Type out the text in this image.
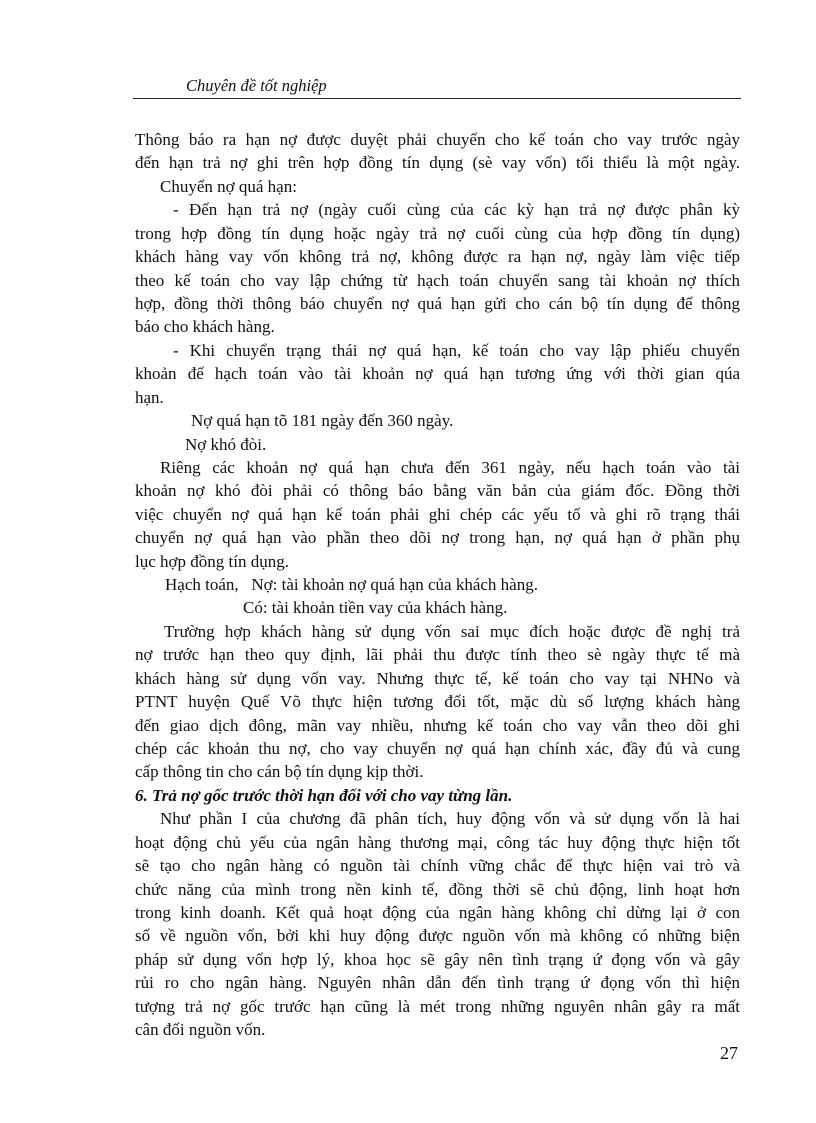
Chuyên đề tốt nghiệp
Thông báo ra hạn nợ được duyệt phải chuyển cho kế toán cho vay trước ngày
đến hạn trả nợ ghi trên hợp đồng tín dụng (sè vay vốn) tối thiểu là một ngày.
Chuyển nợ quá hạn:
- Đến hạn trả nợ (ngày cuối cùng của các kỳ hạn trả nợ được phân kỳ
trong hợp đồng tín dụng hoặc ngày trả nợ cuối cùng của hợp đồng tín dụng)
khách hàng vay vốn không trả nợ, không được ra hạn nợ, ngày làm việc tiếp
theo kế toán cho vay lập chứng từ hạch toán chuyển sang tài khoản nợ thích
hợp, đồng thời thông báo chuyển nợ quá hạn gửi cho cán bộ tín dụng để thông
báo cho khách hàng.
- Khi chuyển trạng thái nợ quá hạn, kế toán cho vay lập phiếu chuyển
khoản để hạch toán vào tài khoản nợ quá hạn tương ứng với thời gian qúa
hạn.
Nợ quá hạn tõ 181 ngày đến 360 ngày.
Nợ khó đòi.
Riêng các khoản nợ quá hạn chưa đến 361 ngày, nếu hạch toán vào tài
khoản nợ khó đòi phải có thông báo bằng văn bản của giám đốc. Đồng thời
việc chuyển nợ quá hạn kế toán phải ghi chép các yếu tố và ghi rõ trạng thái
chuyển nợ quá hạn vào phần theo dõi nợ trong hạn, nợ quá hạn ở phần phụ
lục hợp đồng tín dụng.
Hạch toán,   Nợ: tài khoản nợ quá hạn của khách hàng.
Có: tài khoản tiền vay của khách hàng.
Trường hợp khách hàng sử dụng vốn sai mục đích hoặc được đề nghị trả
nợ trước hạn theo quy định, lãi phải thu được tính theo sè ngày thực tế mà
khách hàng sử dụng vốn vay. Nhưng thực tế, kế toán cho vay tại NHNo và
PTNT huyện Quế Võ thực hiện tương đối tốt, mặc dù số lượng khách hàng
đến giao dịch đông, mãn vay nhiều, nhưng kế toán cho vay vẫn theo dõi ghi
chép các khoản thu nợ, cho vay chuyển nợ quá hạn chính xác, đầy đủ và cung
cấp thông tin cho cán bộ tín dụng kịp thời.
6. Trả nợ gốc trước thời hạn đối với cho vay từng lần.
Như phần I của chương đã phân tích, huy động vốn và sử dụng vốn là hai
hoạt động chủ yếu của ngân hàng thương mại, công tác huy động thực hiện tốt
sẽ tạo cho ngân hàng có nguồn tài chính vững chắc để thực hiện vai trò và
chức năng của mình trong nền kinh tế, đồng thời sẽ chủ động, linh hoạt hơn
trong kinh doanh. Kết quả hoạt động của ngân hàng không chỉ dừng lại ở con
số về nguồn vốn, bởi khi huy động được nguồn vốn mà không có những biện
pháp sử dụng vốn hợp lý, khoa học sẽ gây nên tình trạng ứ đọng vốn và gây
rủi ro cho ngân hàng. Nguyên nhân dẫn đến tình trạng ứ đọng vốn thì hiện
tượng trả nợ gốc trước hạn cũng là mét trong những nguyên nhân gây ra mất
cân đối nguồn vốn.
27
